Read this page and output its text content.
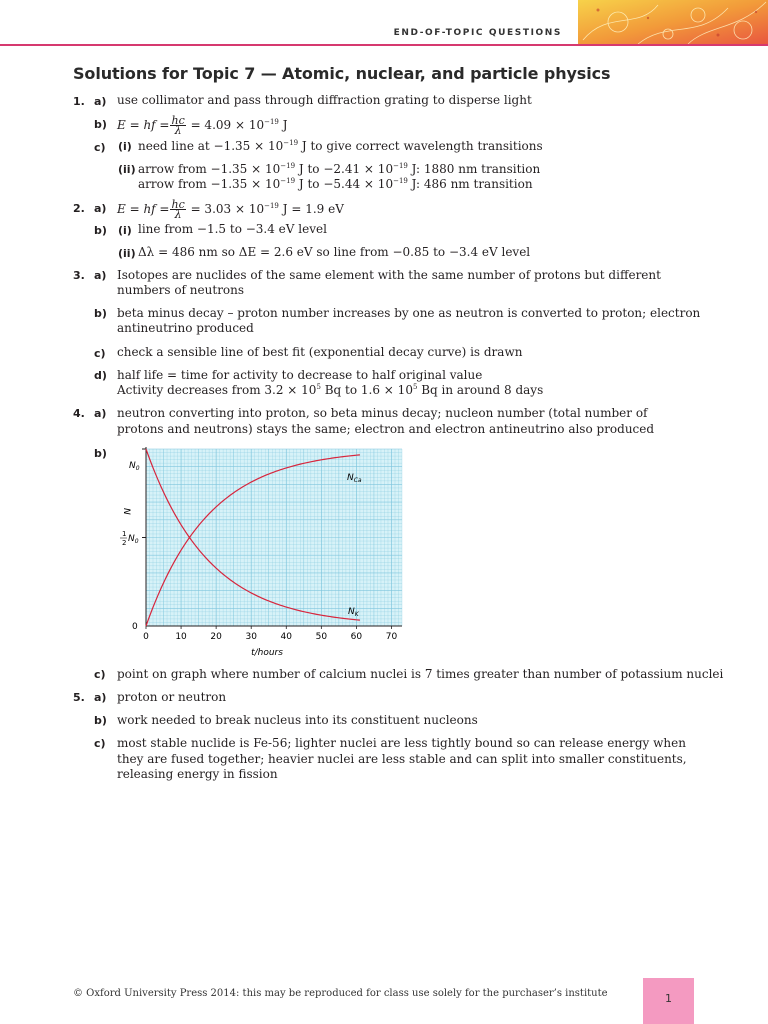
END-OF-TOPIC QUESTIONS
Solutions for Topic 7 — Atomic, nuclear, and particle physics
1. a) use collimator and pass through diffraction grating to disperse light
b) E = hf = $\frac{hc}{\lambda} = 4.09 \times 10^{-19}$ J
c) (i) need line at $-1.35 \times 10^{-19}$ J to give correct wavelength transitions
(ii) arrow from $-1.35 \times 10^{-19}$ J to $-2.41 \times 10^{-19}$ J: 1880 nm transition
arrow from $-1.35 \times 10^{-19}$ J to $-5.44 \times 10^{-19}$ J: 486 nm transition
2. a) E = hf = $\frac{hc}{\lambda} = 3.03 \times 10^{-19}$ J = 1.9 eV
b) (i) line from −1.5 to −3.4 eV level
(ii) Δλ = 486 nm so ΔE = 2.6 eV so line from −0.85 to −3.4 eV level
3. a) Isotopes are nuclides of the same element with the same number of protons but different
numbers of neutrons
b) beta minus decay – proton number increases by one as neutron is converted to proton; electron
antineutrino produced
c) check a sensible line of best fit (exponential decay curve) is drawn
d) half life = time for activity to decrease to half original value
Activity decreases from $3.2 \times 10^5$ Bq to $1.6 \times 10^5$ Bq in around 8 days
4. a) neutron converting into proton, so beta minus decay; nucleon number (total number of
protons and neutrons) stays the same; electron and electron antineutrino also produced
b)
0	10	20	30	40	50	60	70
$N_0$
N
1
2 $N_0$
0
$N_{Ca}$
$N_K$
t/hours
c) point on graph where number of calcium nuclei is 7 times greater than number of potassium nuclei
5. a) proton or neutron
b) work needed to break nucleus into its constituent nucleons
c) most stable nuclide is Fe-56; lighter nuclei are less tightly bound so can release energy when
they are fused together; heavier nuclei are less stable and can split into smaller constituents,
releasing energy in fission
© Oxford University Press 2014: this may be reproduced for class use solely for the purchaser’s institute	1
